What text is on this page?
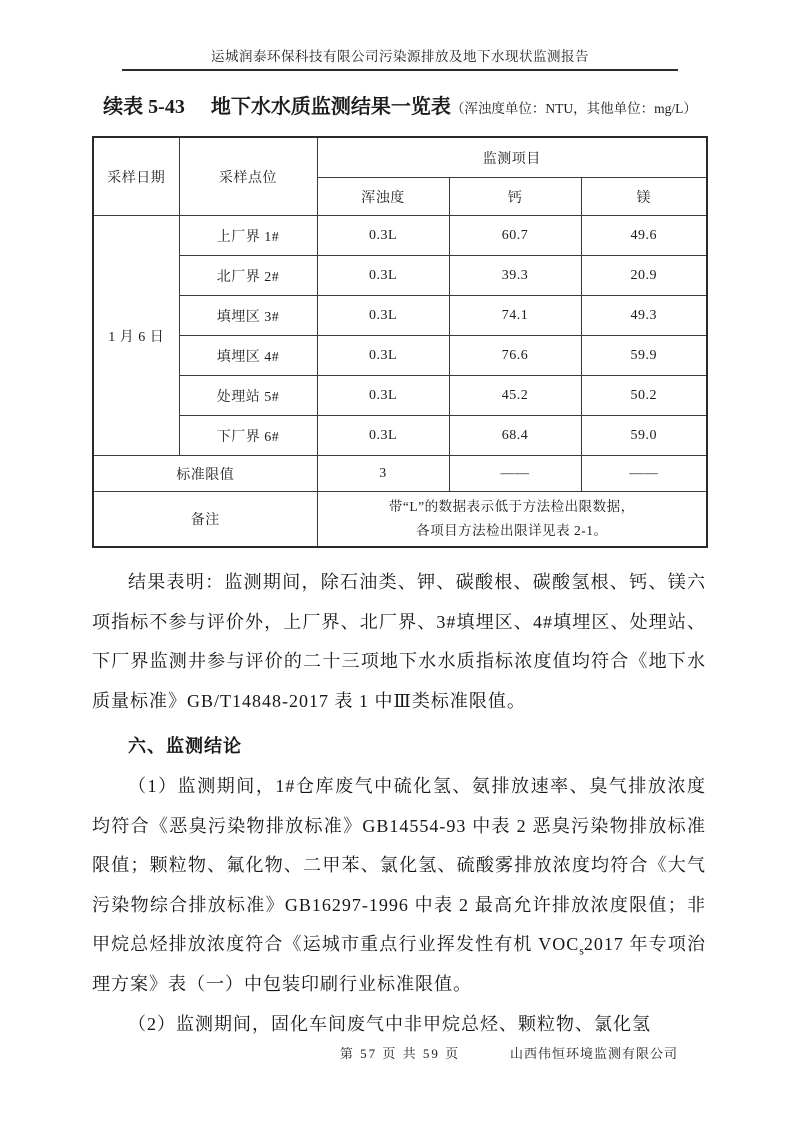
运城润泰环保科技有限公司污染源排放及地下水现状监测报告
续表 5-43 地下水水质监测结果一览表（浑浊度单位：NTU，其他单位：mg/L）
采样日期	采样点位	监测项目		
		浑浊度	钙	镁
1 月 6 日	上厂界 1#	0.3L	60.7	49.6
	北厂界 2#	0.3L	39.3	20.9
	填埋区 3#	0.3L	74.1	49.3
	填埋区 4#	0.3L	76.6	59.9
	处理站 5#	0.3L	45.2	50.2
	下厂界 6#	0.3L	68.4	59.0
标准限值		3	——	——
备注		带“L”的数据表示低于方法检出限数据，
各项目方法检出限详见表 2-1。		

结果表明：监测期间，除石油类、钾、碳酸根、碳酸氢根、钙、镁六项指标不参与评价外，上厂界、北厂界、3#填埋区、4#填埋区、处理站、下厂界监测井参与评价的二十三项地下水水质指标浓度值均符合《地下水质量标准》GB/T14848-2017 表 1 中Ⅲ类标准限值。

六、监测结论

（1）监测期间，1#仓库废气中硫化氢、氨排放速率、臭气排放浓度均符合《恶臭污染物排放标准》GB14554-93 中表 2 恶臭污染物排放标准限值；颗粒物、氟化物、二甲苯、氯化氢、硫酸雾排放浓度均符合《大气污染物综合排放标准》GB16297-1996 中表 2 最高允许排放浓度限值；非甲烷总烃排放浓度符合《运城市重点行业挥发性有机 $VOC_s2017$ 年专项治理方案》表（一）中包装印刷行业标准限值。

（2）监测期间，固化车间废气中非甲烷总烃、颗粒物、氯化氢

第 57 页 共 59 页	山西伟恒环境监测有限公司
